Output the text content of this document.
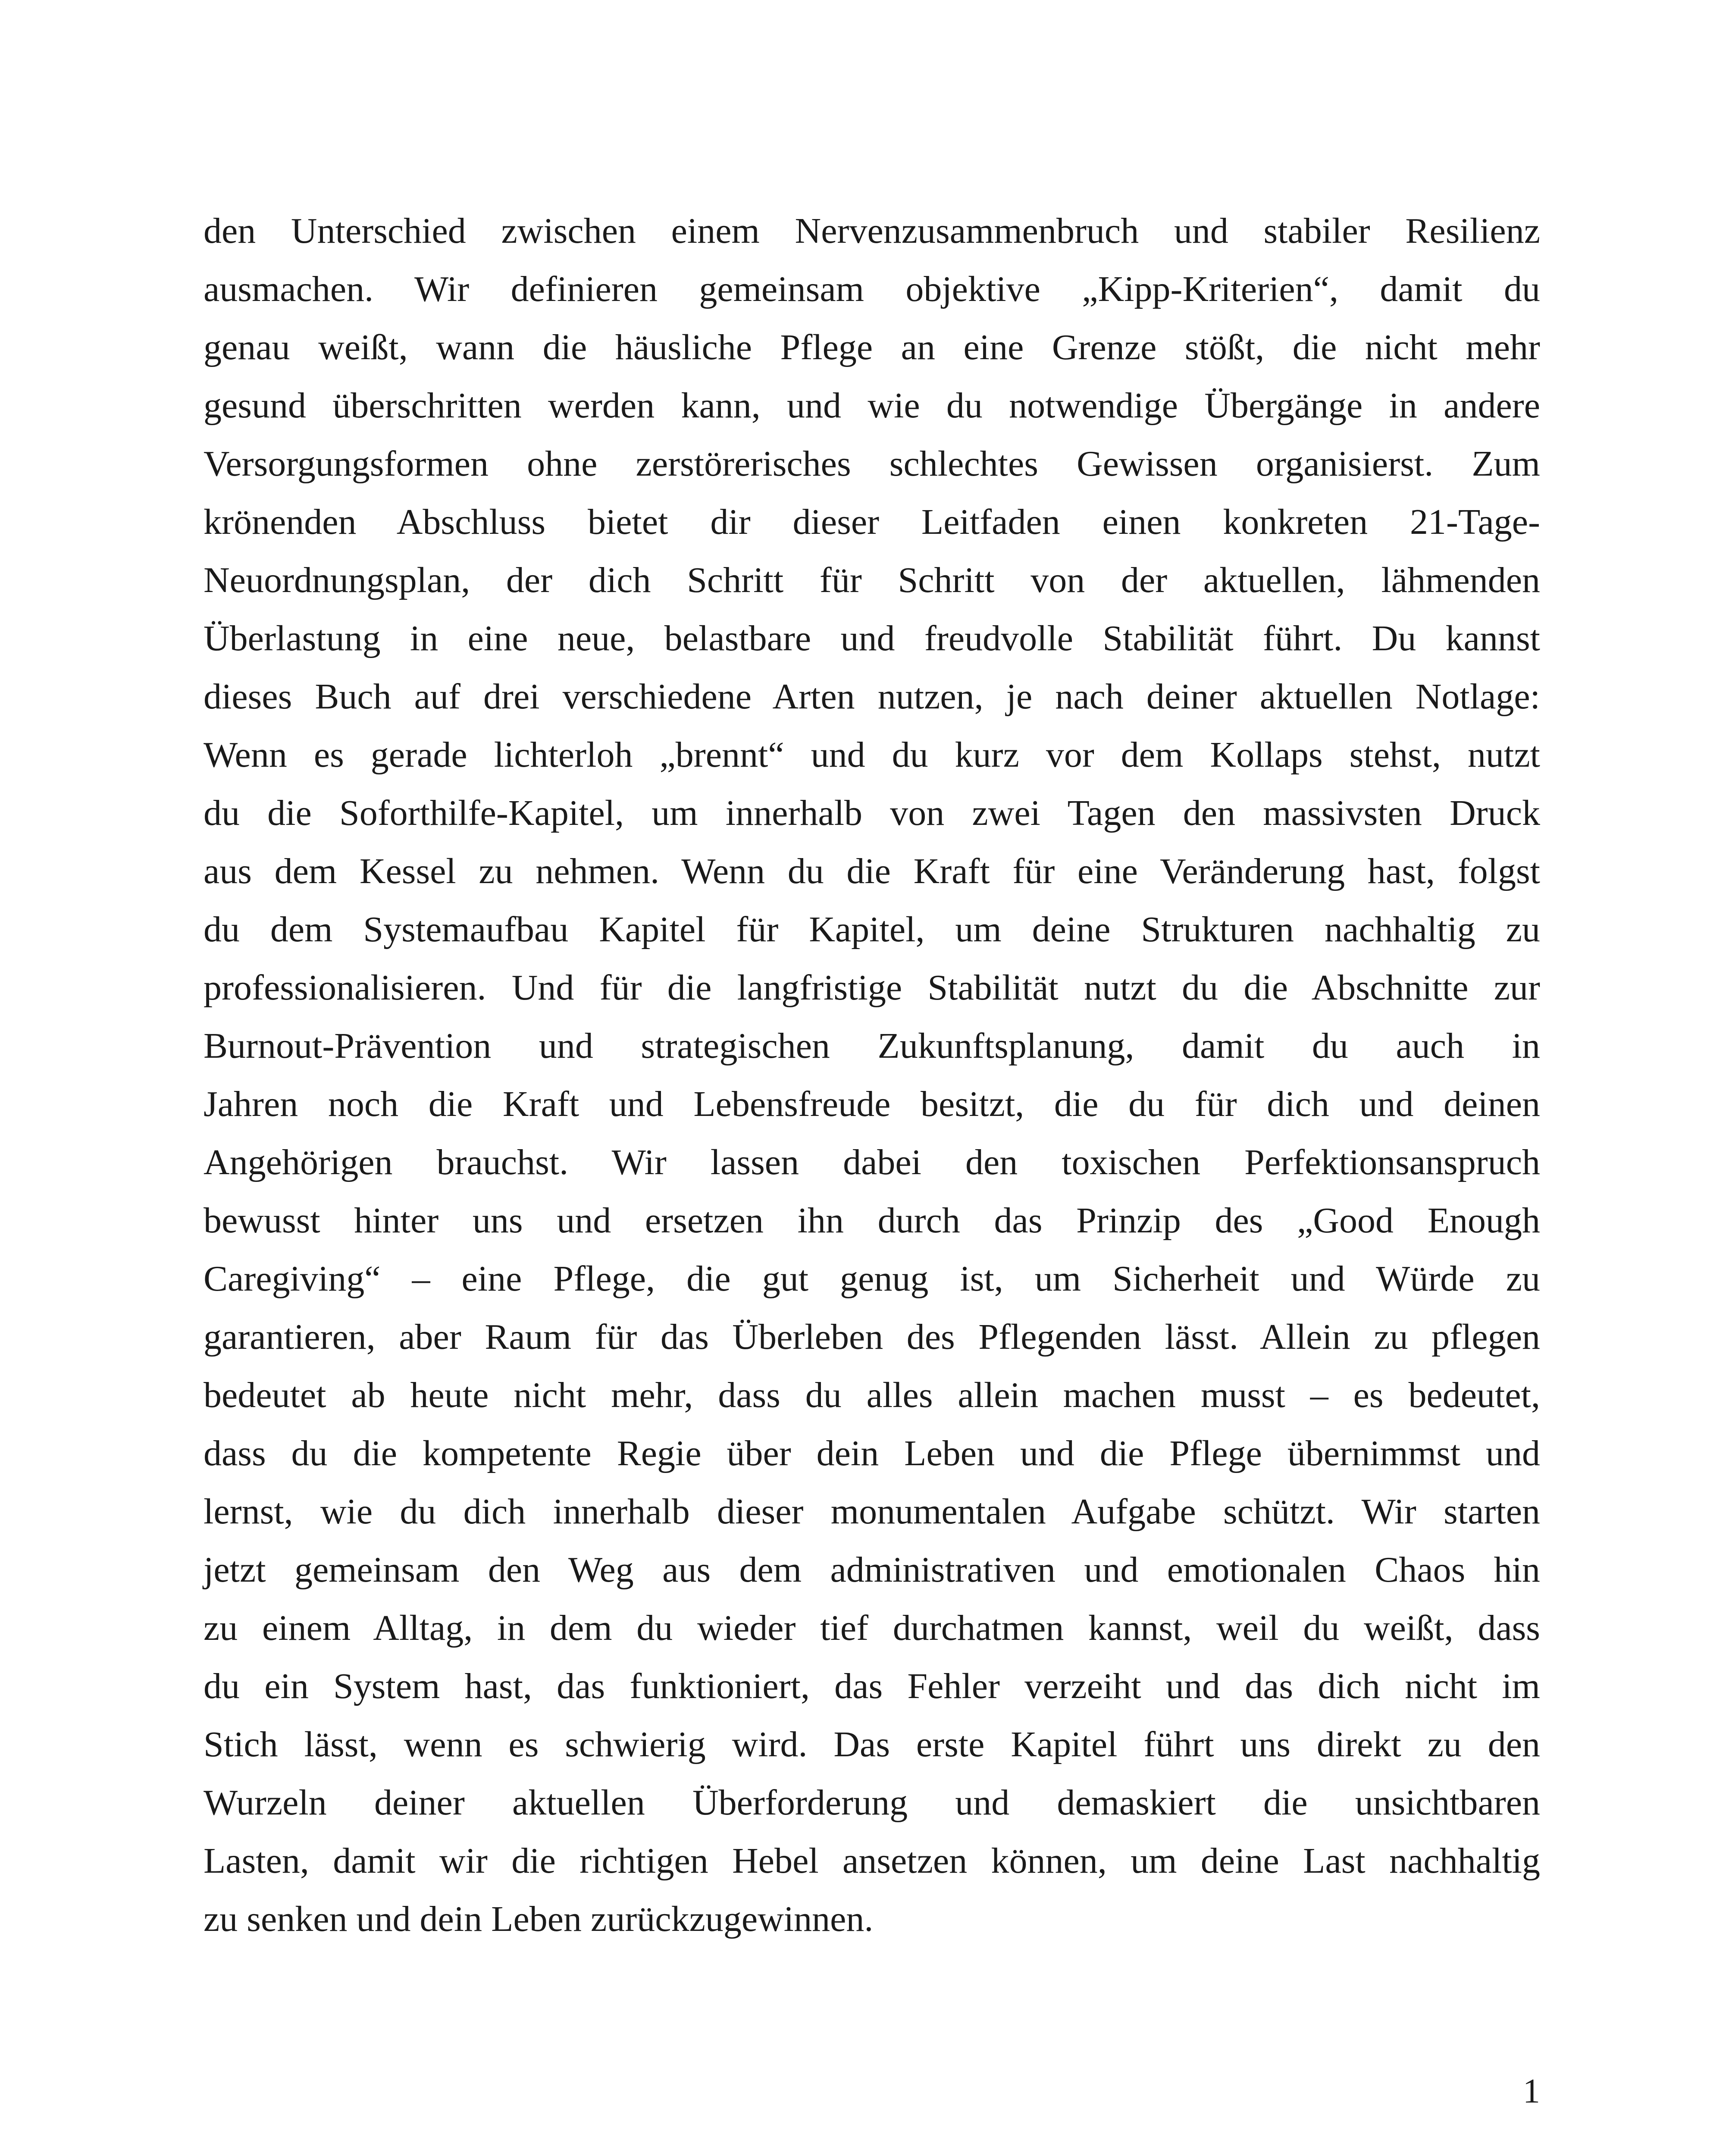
den Unterschied zwischen einem Nervenzusammenbruch und stabiler Resilienz
ausmachen. Wir definieren gemeinsam objektive „Kipp-Kriterien“, damit du
genau weißt, wann die häusliche Pflege an eine Grenze stößt, die nicht mehr
gesund überschritten werden kann, und wie du notwendige Übergänge in andere
Versorgungsformen ohne zerstörerisches schlechtes Gewissen organisierst. Zum
krönenden Abschluss bietet dir dieser Leitfaden einen konkreten 21-Tage-
Neuordnungsplan, der dich Schritt für Schritt von der aktuellen, lähmenden
Überlastung in eine neue, belastbare und freudvolle Stabilität führt. Du kannst
dieses Buch auf drei verschiedene Arten nutzen, je nach deiner aktuellen Notlage:
Wenn es gerade lichterloh „brennt“ und du kurz vor dem Kollaps stehst, nutzt
du die Soforthilfe-Kapitel, um innerhalb von zwei Tagen den massivsten Druck
aus dem Kessel zu nehmen. Wenn du die Kraft für eine Veränderung hast, folgst
du dem Systemaufbau Kapitel für Kapitel, um deine Strukturen nachhaltig zu
professionalisieren. Und für die langfristige Stabilität nutzt du die Abschnitte zur
Burnout-Prävention und strategischen Zukunftsplanung, damit du auch in
Jahren noch die Kraft und Lebensfreude besitzt, die du für dich und deinen
Angehörigen brauchst. Wir lassen dabei den toxischen Perfektionsanspruch
bewusst hinter uns und ersetzen ihn durch das Prinzip des „Good Enough
Caregiving“ – eine Pflege, die gut genug ist, um Sicherheit und Würde zu
garantieren, aber Raum für das Überleben des Pflegenden lässt. Allein zu pflegen
bedeutet ab heute nicht mehr, dass du alles allein machen musst – es bedeutet,
dass du die kompetente Regie über dein Leben und die Pflege übernimmst und
lernst, wie du dich innerhalb dieser monumentalen Aufgabe schützt. Wir starten
jetzt gemeinsam den Weg aus dem administrativen und emotionalen Chaos hin
zu einem Alltag, in dem du wieder tief durchatmen kannst, weil du weißt, dass
du ein System hast, das funktioniert, das Fehler verzeiht und das dich nicht im
Stich lässt, wenn es schwierig wird. Das erste Kapitel führt uns direkt zu den
Wurzeln deiner aktuellen Überforderung und demaskiert die unsichtbaren
Lasten, damit wir die richtigen Hebel ansetzen können, um deine Last nachhaltig
zu senken und dein Leben zurückzugewinnen.
1
